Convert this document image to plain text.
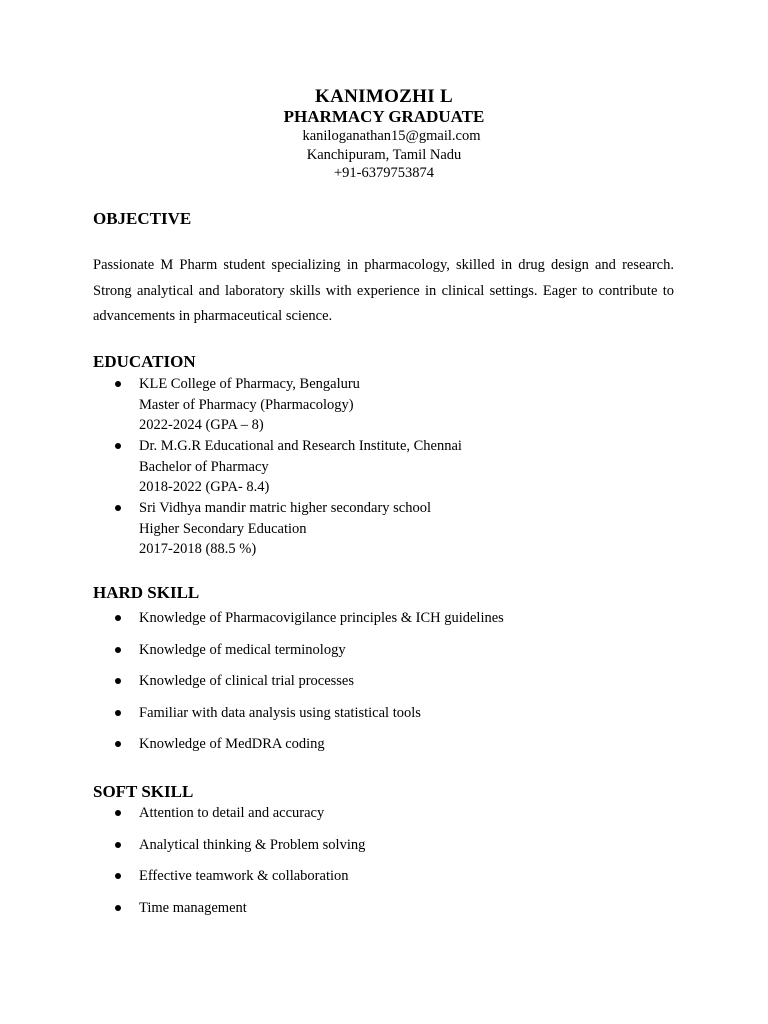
KANIMOZHI L
PHARMACY GRADUATE
kaniloganathan15@gmail.com
Kanchipuram, Tamil Nadu
+91-6379753874
OBJECTIVE

Passionate M Pharm student specializing in pharmacology, skilled in drug design and research. Strong analytical and laboratory skills with experience in clinical settings. Eager to contribute to advancements in pharmaceutical science.

EDUCATION
KLE College of Pharmacy, Bengaluru
Master of Pharmacy (Pharmacology)
2022-2024 (GPA – 8)
Dr. M.G.R Educational and Research Institute, Chennai
Bachelor of Pharmacy
2018-2022 (GPA- 8.4)
Sri Vidhya mandir matric higher secondary school
Higher Secondary Education
2017-2018 (88.5 %)
HARD SKILL
Knowledge of Pharmacovigilance principles & ICH guidelines
Knowledge of medical terminology
Knowledge of clinical trial processes
Familiar with data analysis using statistical tools
Knowledge of MedDRA coding
SOFT SKILL
Attention to detail and accuracy
Analytical thinking & Problem solving
Effective teamwork & collaboration
Time management
